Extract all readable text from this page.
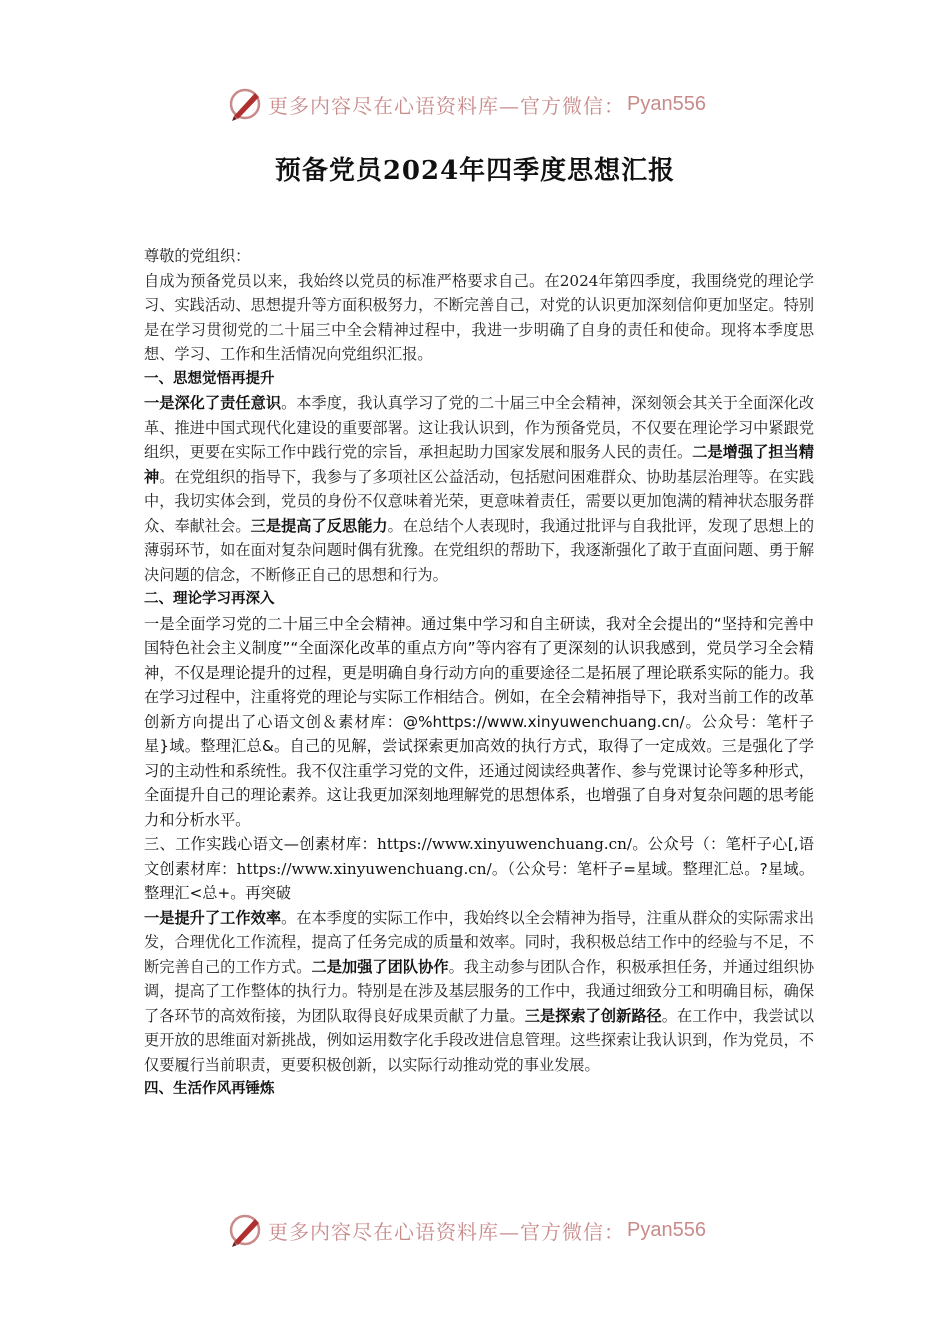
更多内容尽在心语资料库—官方微信： Pyan556
预备党员2024年四季度思想汇报

尊敬的党组织：

自成为预备党员以来，我始终以党员的标准严格要求自己。在2024年第四季度，我围绕党的理论学习、实践活动、思想提升等方面积极努力，不断完善自己，对党的认识更加深刻信仰更加坚定。特别是在学习贯彻党的二十届三中全会精神过程中，我进一步明确了自身的责任和使命。现将本季度思想、学习、工作和生活情况向党组织汇报。

一、思想觉悟再提升

一是深化了责任意识。本季度，我认真学习了党的二十届三中全会精神，深刻领会其关于全面深化改革、推进中国式现代化建设的重要部署。这让我认识到，作为预备党员，不仅要在理论学习中紧跟党组织，更要在实际工作中践行党的宗旨，承担起助力国家发展和服务人民的责任。二是增强了担当精神。在党组织的指导下，我参与了多项社区公益活动，包括慰问困难群众、协助基层治理等。在实践中，我切实体会到，党员的身份不仅意味着光荣，更意味着责任，需要以更加饱满的精神状态服务群众、奉献社会。三是提高了反思能力。在总结个人表现时，我通过批评与自我批评，发现了思想上的薄弱环节，如在面对复杂问题时偶有犹豫。在党组织的帮助下，我逐渐强化了敢于直面问题、勇于解决问题的信念，不断修正自己的思想和行为。

二、理论学习再深入

一是全面学习党的二十届三中全会精神。通过集中学习和自主研读，我对全会提出的“坚持和完善中国特色社会主义制度”“全面深化改革的重点方向”等内容有了更深刻的认识我感到，党员学习全会精神，不仅是理论提升的过程，更是明确自身行动方向的重要途径二是拓展了理论联系实际的能力。我在学习过程中，注重将党的理论与实际工作相结合。例如，在全会精神指导下，我对当前工作的改革创新方向提出了心语文创＆素材库：@%https://www.xinyuwenchuang.cn/。公众号：笔杆子星}域。整理汇总&。自己的见解，尝试探索更加高效的执行方式，取得了一定成效。三是强化了学习的主动性和系统性。我不仅注重学习党的文件，还通过阅读经典著作、参与党课讨论等多种形式，全面提升自己的理论素养。这让我更加深刻地理解党的思想体系，也增强了自身对复杂问题的思考能力和分析水平。

三、工作实践心语文—创素材库：https://www.xinyuwenchuang.cn/。公众号（：笔杆子心[,语文创素材库：https://www.xinyuwenchuang.cn/。（公众号：笔杆子=星域。整理汇总。?星域。整理汇<总+。再突破

一是提升了工作效率。在本季度的实际工作中，我始终以全会精神为指导，注重从群众的实际需求出发，合理优化工作流程，提高了任务完成的质量和效率。同时，我积极总结工作中的经验与不足，不断完善自己的工作方式。二是加强了团队协作。我主动参与团队合作，积极承担任务，并通过组织协调，提高了工作整体的执行力。特别是在涉及基层服务的工作中，我通过细致分工和明确目标，确保了各环节的高效衔接，为团队取得良好成果贡献了力量。三是探索了创新路径。在工作中，我尝试以更开放的思维面对新挑战，例如运用数字化手段改进信息管理。这些探索让我认识到，作为党员，不仅要履行当前职责，更要积极创新，以实际行动推动党的事业发展。

四、生活作风再锤炼

更多内容尽在心语资料库—官方微信： Pyan556
